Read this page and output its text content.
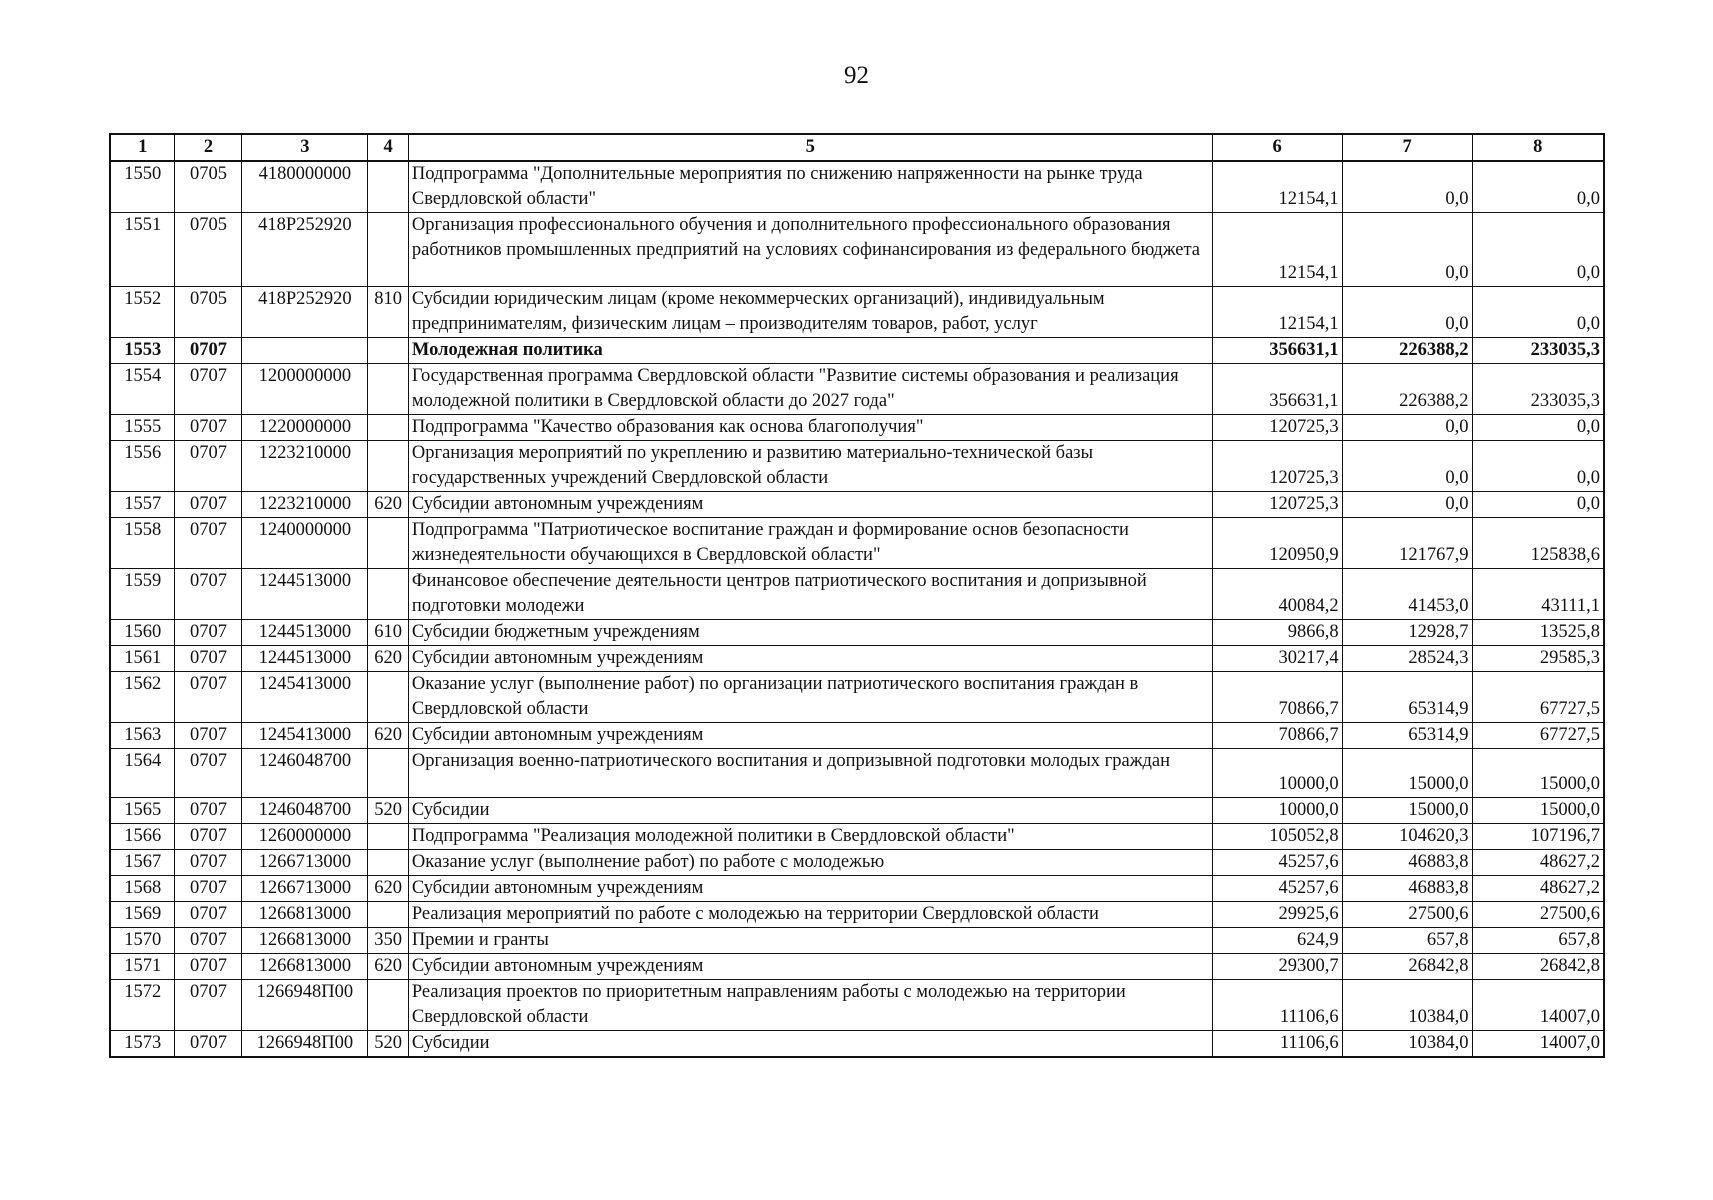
92
1	2	3	4	5	6	7	8
1550	0705	4180000000		Подпрограмма "Дополнительные мероприятия по снижению напряженности на рынке труда Свердловской области"	12154,1	0,0	0,0
1551	0705	418P252920		Организация профессионального обучения и дополнительного профессионального образования работников промышленных предприятий на условиях софинансирования из федерального бюджета	12154,1	0,0	0,0
1552	0705	418P252920	810	Субсидии юридическим лицам (кроме некоммерческих организаций), индивидуальным предпринимателям, физическим лицам – производителям товаров, работ, услуг	12154,1	0,0	0,0
1553	0707			Молодежная политика	356631,1	226388,2	233035,3
1554	0707	1200000000		Государственная программа Свердловской области "Развитие системы образования и реализация молодежной политики в Свердловской области до 2027 года"	356631,1	226388,2	233035,3
1555	0707	1220000000		Подпрограмма "Качество образования как основа благополучия"	120725,3	0,0	0,0
1556	0707	1223210000		Организация мероприятий по укреплению и развитию материально-технической базы государственных учреждений Свердловской области	120725,3	0,0	0,0
1557	0707	1223210000	620	Субсидии автономным учреждениям	120725,3	0,0	0,0
1558	0707	1240000000		Подпрограмма "Патриотическое воспитание граждан и формирование основ безопасности жизнедеятельности обучающихся в Свердловской области"	120950,9	121767,9	125838,6
1559	0707	1244513000		Финансовое обеспечение деятельности центров патриотического воспитания и допризывной подготовки молодежи	40084,2	41453,0	43111,1
1560	0707	1244513000	610	Субсидии бюджетным учреждениям	9866,8	12928,7	13525,8
1561	0707	1244513000	620	Субсидии автономным учреждениям	30217,4	28524,3	29585,3
1562	0707	1245413000		Оказание услуг (выполнение работ) по организации патриотического воспитания граждан в Свердловской области	70866,7	65314,9	67727,5
1563	0707	1245413000	620	Субсидии автономным учреждениям	70866,7	65314,9	67727,5
1564	0707	1246048700		Организация военно-патриотического воспитания и допризывной подготовки молодых граждан	10000,0	15000,0	15000,0
1565	0707	1246048700	520	Субсидии	10000,0	15000,0	15000,0
1566	0707	1260000000		Подпрограмма "Реализация молодежной политики в Свердловской области"	105052,8	104620,3	107196,7
1567	0707	1266713000		Оказание услуг (выполнение работ) по работе с молодежью	45257,6	46883,8	48627,2
1568	0707	1266713000	620	Субсидии автономным учреждениям	45257,6	46883,8	48627,2
1569	0707	1266813000		Реализация мероприятий по работе с молодежью на территории Свердловской области	29925,6	27500,6	27500,6
1570	0707	1266813000	350	Премии и гранты	624,9	657,8	657,8
1571	0707	1266813000	620	Субсидии автономным учреждениям	29300,7	26842,8	26842,8
1572	0707	1266948П00		Реализация проектов по приоритетным направлениям работы с молодежью на территории Свердловской области	11106,6	10384,0	14007,0
1573	0707	1266948П00	520	Субсидии	11106,6	10384,0	14007,0
